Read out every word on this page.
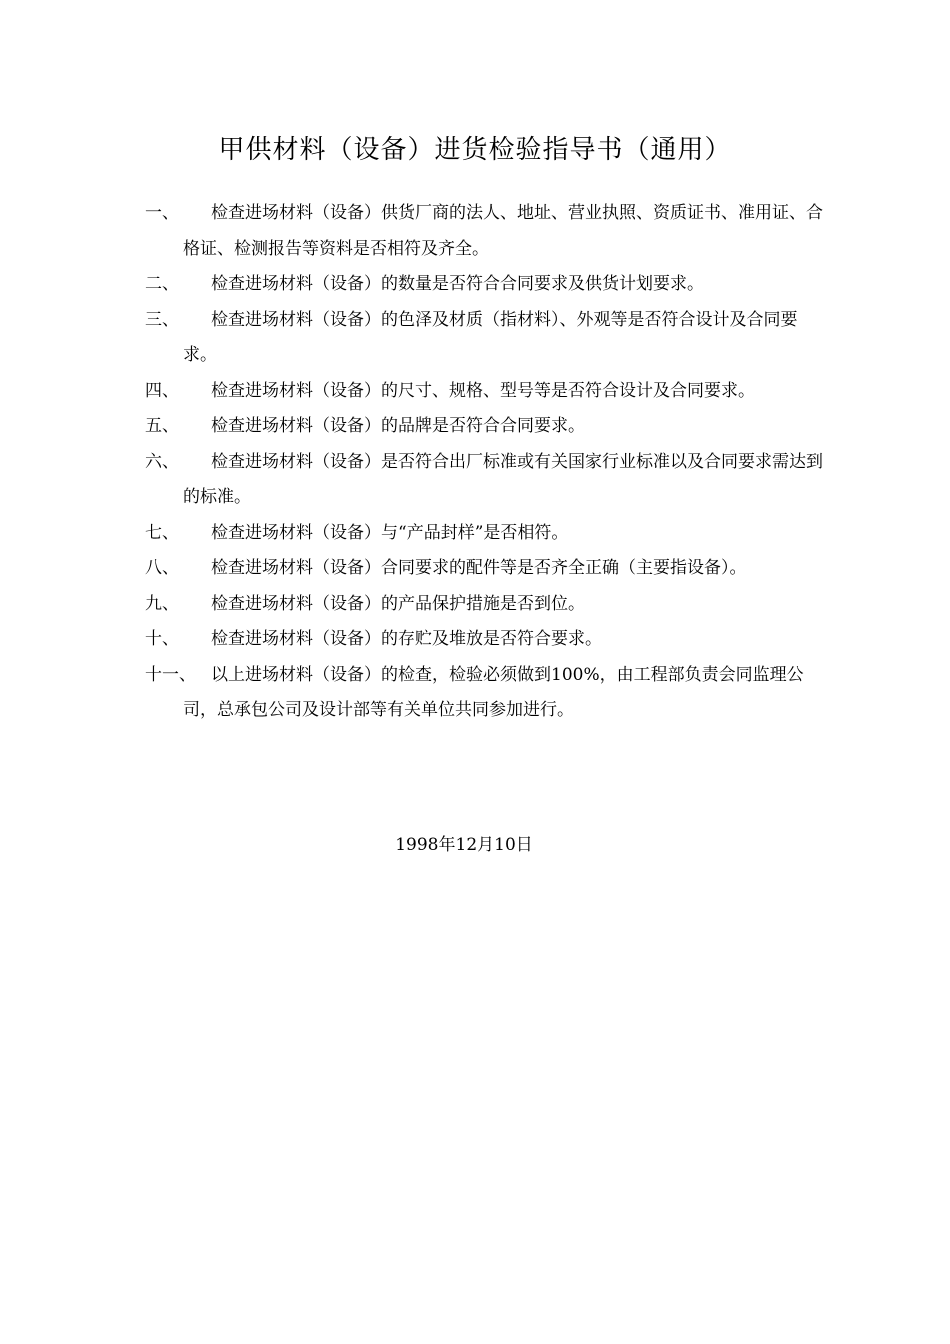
甲供材料（设备）进货检验指导书（通用）
一、	检查进场材料（设备）供货厂商的法人、地址、营业执照、资质证书、准用证、合格证、检测报告等资料是否相符及齐全。
二、	检查进场材料（设备）的数量是否符合合同要求及供货计划要求。
三、	检查进场材料（设备）的色泽及材质（指材料）、外观等是否符合设计及合同要求。
四、	检查进场材料（设备）的尺寸、规格、型号等是否符合设计及合同要求。
五、	检查进场材料（设备）的品牌是否符合合同要求。
六、	检查进场材料（设备）是否符合出厂标准或有关国家行业标准以及合同要求需达到的标准。
七、	检查进场材料（设备）与“产品封样”是否相符。
八、	检查进场材料（设备）合同要求的配件等是否齐全正确（主要指设备）。
九、	检查进场材料（设备）的产品保护措施是否到位。
十、	检查进场材料（设备）的存贮及堆放是否符合要求。
十一、 以上进场材料（设备）的检查，检验必须做到100%，由工程部负责会同监理公司，总承包公司及设计部等有关单位共同参加进行。
1998年12月10日
